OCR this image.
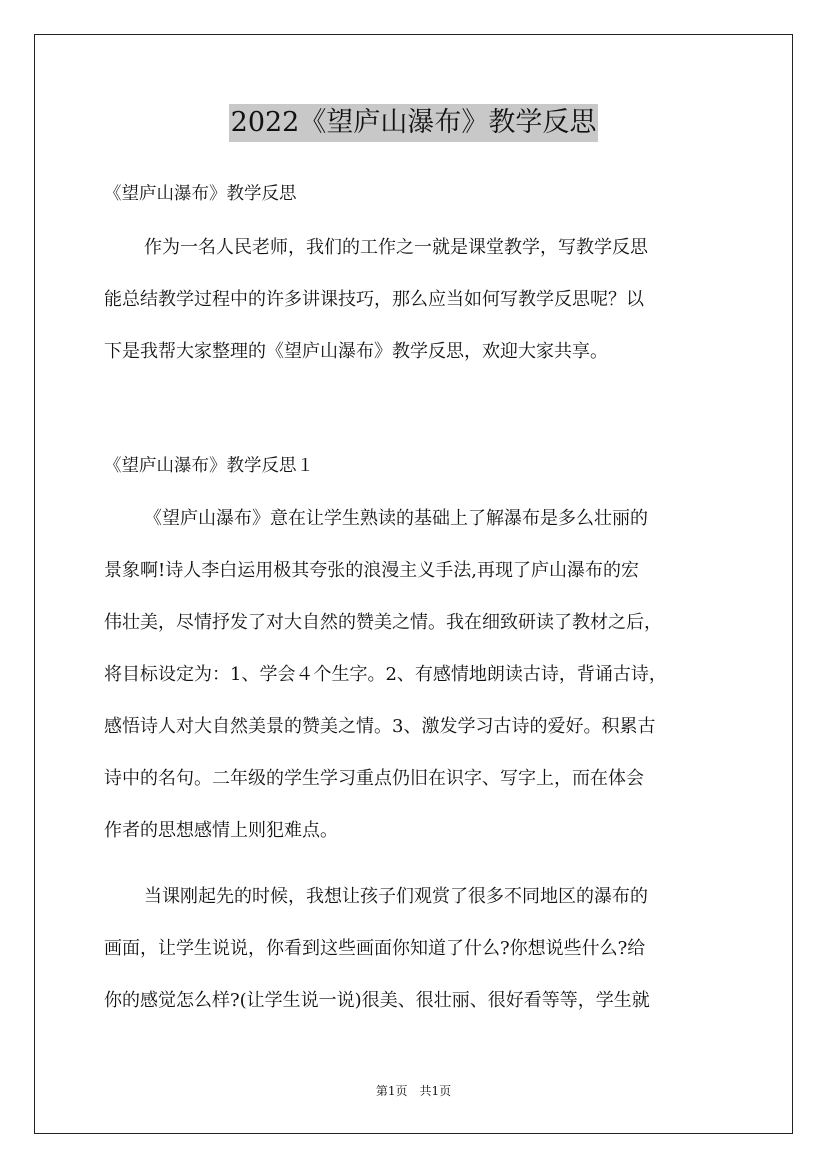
2022《望庐山瀑布》教学反思
《望庐山瀑布》教学反思
作为一名人民老师，我们的工作之一就是课堂教学，写教学反思
能总结教学过程中的许多讲课技巧，那么应当如何写教学反思呢？以
下是我帮大家整理的《望庐山瀑布》教学反思，欢迎大家共享。
《望庐山瀑布》教学反思１
《望庐山瀑布》意在让学生熟读的基础上了解瀑布是多么壮丽的
景象啊!诗人李白运用极其夸张的浪漫主义手法,再现了庐山瀑布的宏
伟壮美，尽情抒发了对大自然的赞美之情。我在细致研读了教材之后，
将目标设定为：1、学会４个生字。2、有感情地朗读古诗，背诵古诗，
感悟诗人对大自然美景的赞美之情。3、激发学习古诗的爱好。积累古
诗中的名句。二年级的学生学习重点仍旧在识字、写字上，而在体会
作者的思想感情上则犯难点。
当课刚起先的时候，我想让孩子们观赏了很多不同地区的瀑布的
画面，让学生说说，你看到这些画面你知道了什么?你想说些什么?给
你的感觉怎么样?(让学生说一说)很美、很壮丽、很好看等等，学生就
第1页　共1页
